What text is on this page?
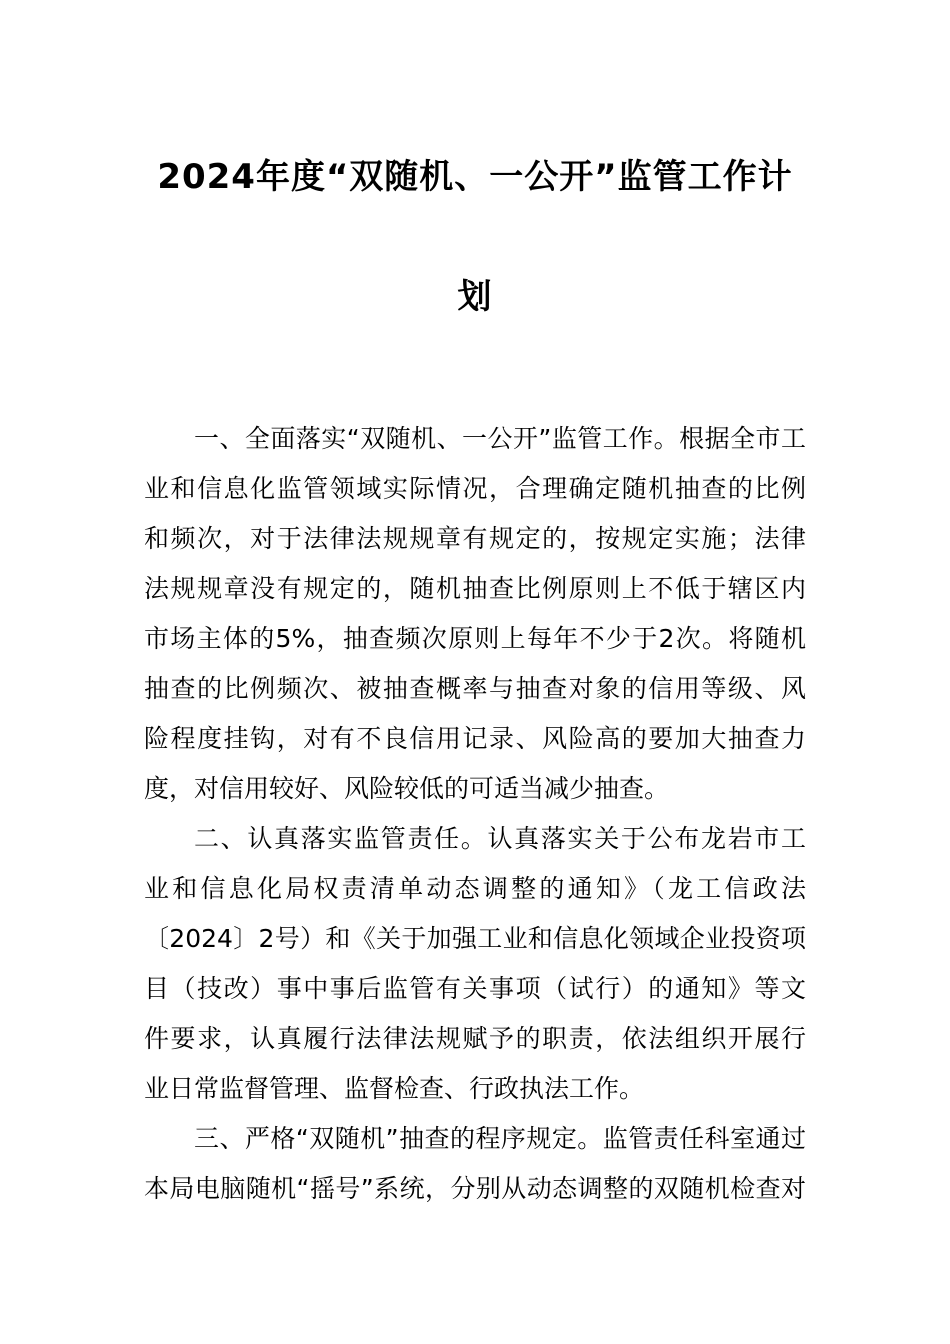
2024年度“双随机、一公开”监管工作计
划
一、全面落实“双随机、一公开”监管工作。根据全市工
业和信息化监管领域实际情况，合理确定随机抽查的比例
和频次，对于法律法规规章有规定的，按规定实施；法律
法规规章没有规定的，随机抽查比例原则上不低于辖区内
市场主体的5%，抽查频次原则上每年不少于2次。将随机
抽查的比例频次、被抽查概率与抽查对象的信用等级、风
险程度挂钩，对有不良信用记录、风险高的要加大抽查力
度，对信用较好、风险较低的可适当减少抽查。
二、认真落实监管责任。认真落实关于公布龙岩市工
业和信息化局权责清单动态调整的通知》（龙工信政法
〔2024〕2号）和《关于加强工业和信息化领域企业投资项
目（技改）事中事后监管有关事项（试行）的通知》等文
件要求，认真履行法律法规赋予的职责，依法组织开展行
业日常监督管理、监督检查、行政执法工作。
三、严格“双随机”抽查的程序规定。监管责任科室通过
本局电脑随机“摇号”系统，分别从动态调整的双随机检查对
